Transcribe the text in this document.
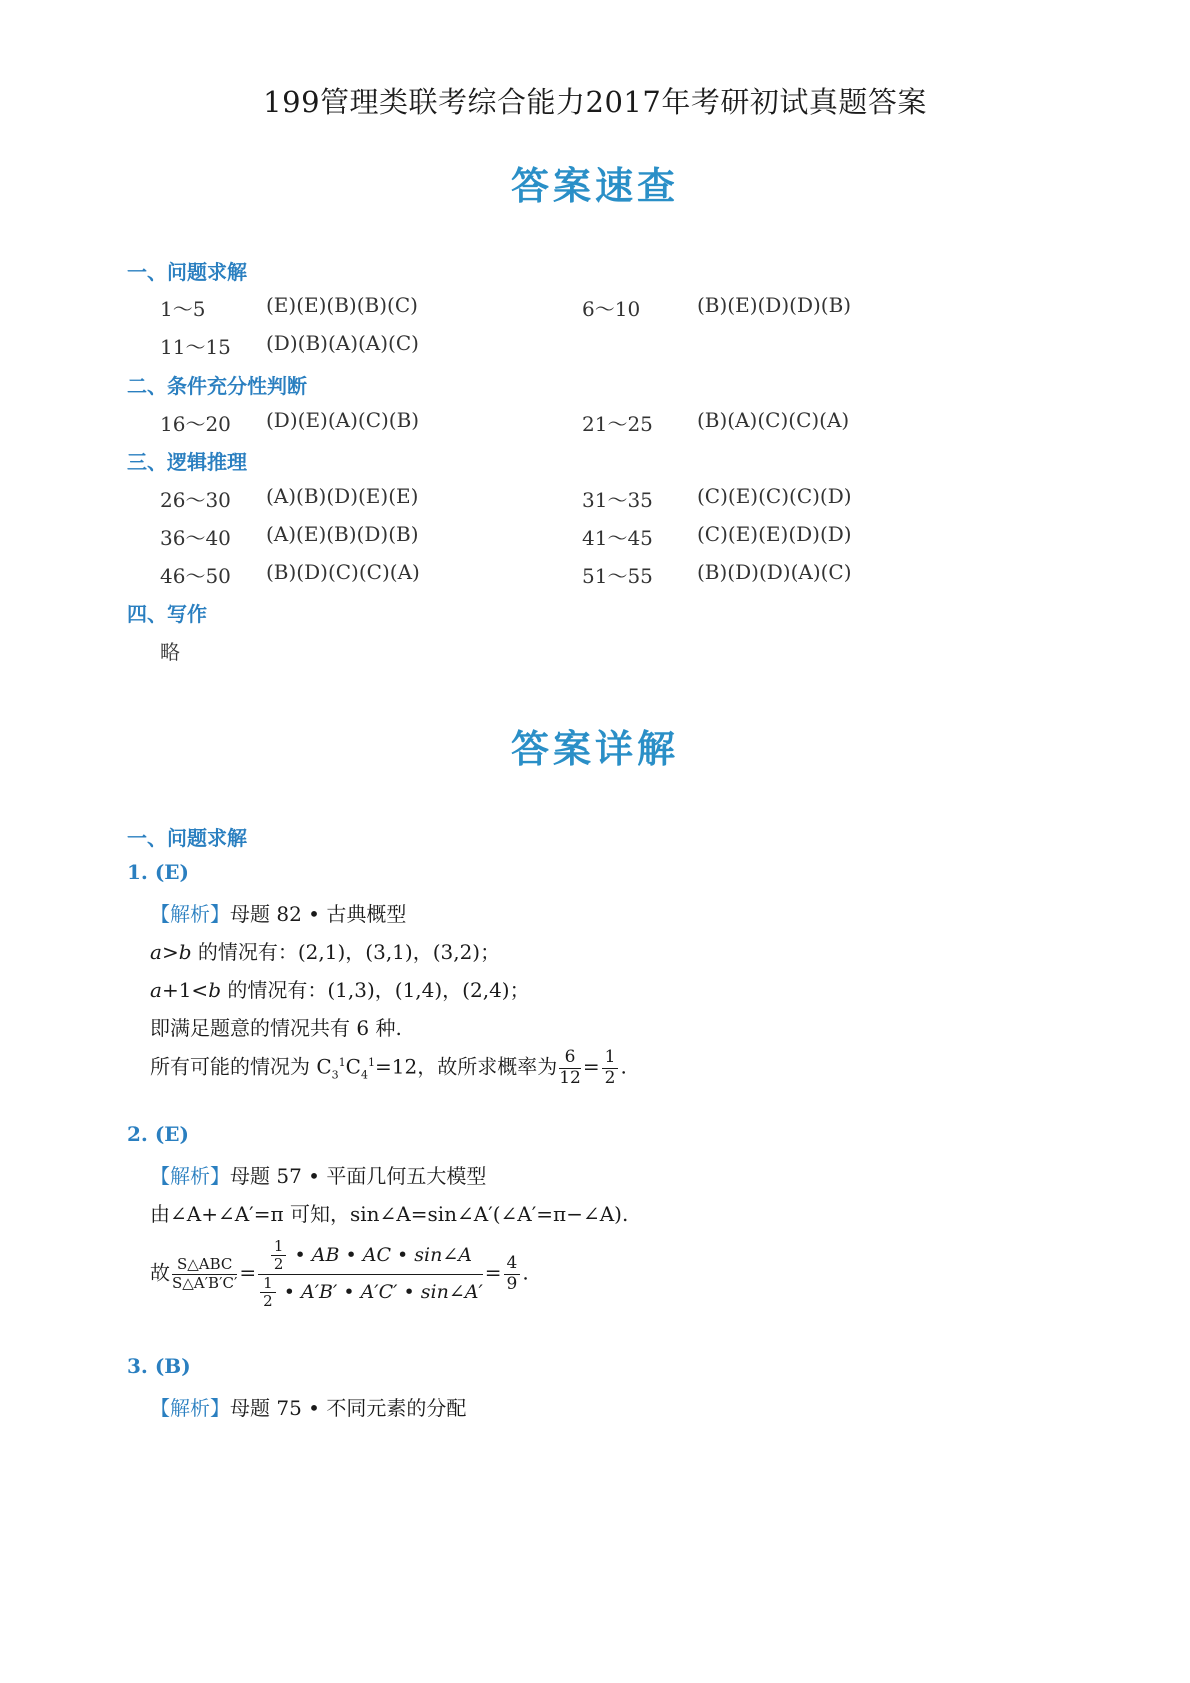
199管理类联考综合能力2017年考研初试真题答案
答案速查
一、问题求解
1～5	(E)(E)(B)(B)(C)	6～10	(B)(E)(D)(D)(B)
11～15 (D)(B)(A)(A)(C)
二、条件充分性判断
16～20 (D)(E)(A)(C)(B)	21～25 (B)(A)(C)(C)(A)
三、逻辑推理
26～30 (A)(B)(D)(E)(E)	31～35 (C)(E)(C)(C)(D)
36～40 (A)(E)(B)(D)(B)	41～45 (C)(E)(E)(D)(D)
46～50 (B)(D)(C)(C)(A)	51～55 (B)(D)(D)(A)(C)
四、写作
略
答案详解
一、问题求解
1. (E)
【解析】母题 82 • 古典概型
a>b 的情况有：(2,1)，(3,1)，(3,2)；
a+1<b 的情况有：(1,3)，(1,4)，(2,4)；
即满足题意的情况共有 6 种.
所有可能的情况为 $C_3^1C_4^1=12$，故所求概率为 $\frac{6}{12} = \frac{1}{2}$ .
2. (E)
【解析】母题 57 • 平面几何五大模型
由∠A+∠A′=π 可知，sin∠A=sin∠A′(∠A′=π−∠A).
故 $\frac{\text{S△ABC}}{S\triangle A'B'C'} = \frac{\frac{1}{2} • AB • AC • \sin\angle A}{\frac{1}{2} • A'B' • A'C' • \sin\angle A'} = \frac{4}{9}$ .
3. (B)
【解析】母题 75 • 不同元素的分配
